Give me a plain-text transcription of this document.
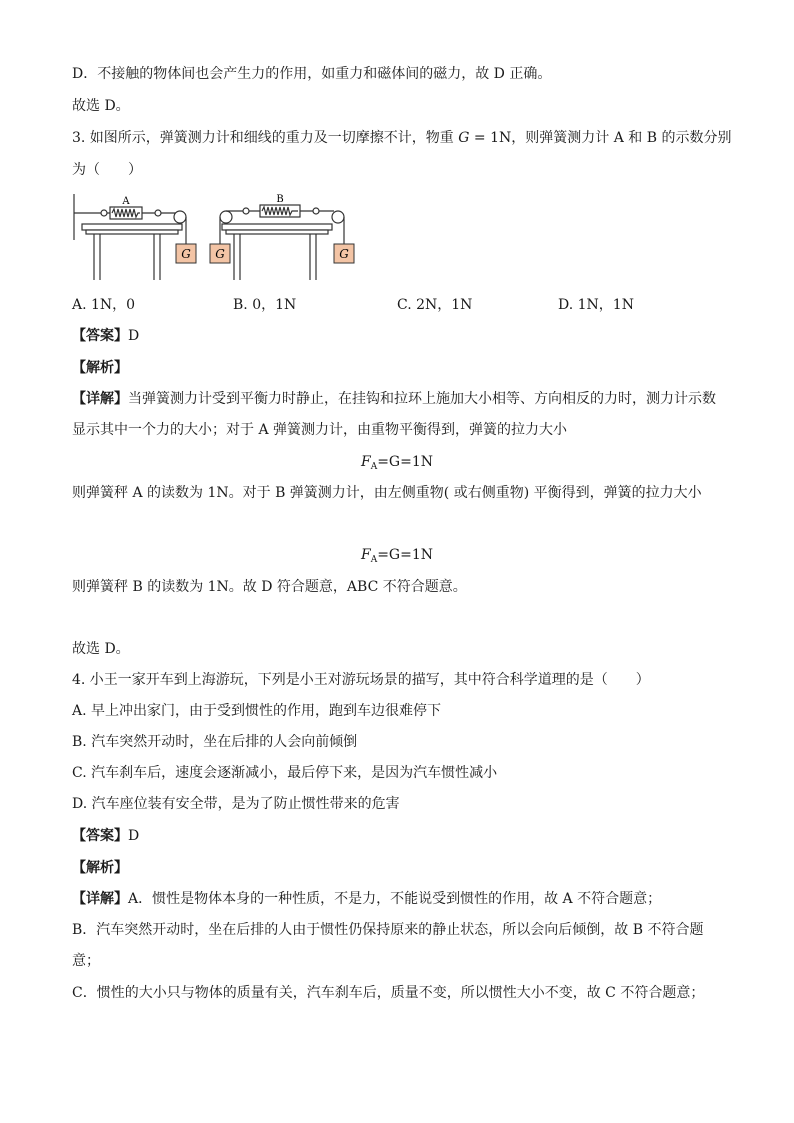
D．不接触的物体间也会产生力的作用，如重力和磁体间的磁力，故 D 正确。
故选 D。
3. 如图所示，弹簧测力计和细线的重力及一切摩擦不计，物重 G = 1N，则弹簧测力计 A 和 B 的示数分别
为（　　）
G G	G
A	B
A. 1N，0	B. 0，1N	C. 2N，1N	D. 1N，1N
【答案】D
【解析】
【详解】当弹簧测力计受到平衡力时静止，在挂钩和拉环上施加大小相等、方向相反的力时，测力计示数
显示其中一个力的大小；对于 A 弹簧测力计，由重物平衡得到，弹簧的拉力大小
$F_A=G=1N$
则弹簧秤 A 的读数为 1N。对于 B 弹簧测力计，由左侧重物( 或右侧重物) 平衡得到，弹簧的拉力大小
$F_A=G=1N$
则弹簧秤 B 的读数为 1N。故 D 符合题意，ABC 不符合题意。
故选 D。
4. 小王一家开车到上海游玩，下列是小王对游玩场景的描写，其中符合科学道理的是（　　）
A. 早上冲出家门，由于受到惯性的作用，跑到车边很难停下
B. 汽车突然开动时，坐在后排的人会向前倾倒
C. 汽车刹车后，速度会逐渐减小，最后停下来，是因为汽车惯性减小
D. 汽车座位装有安全带，是为了防止惯性带来的危害
【答案】D
【解析】
【详解】A．惯性是物体本身的一种性质，不是力，不能说受到惯性的作用，故 A 不符合题意；
B．汽车突然开动时，坐在后排的人由于惯性仍保持原来的静止状态，所以会向后倾倒，故 B 不符合题
意；
C．惯性的大小只与物体的质量有关，汽车刹车后，质量不变，所以惯性大小不变，故 C 不符合题意；
